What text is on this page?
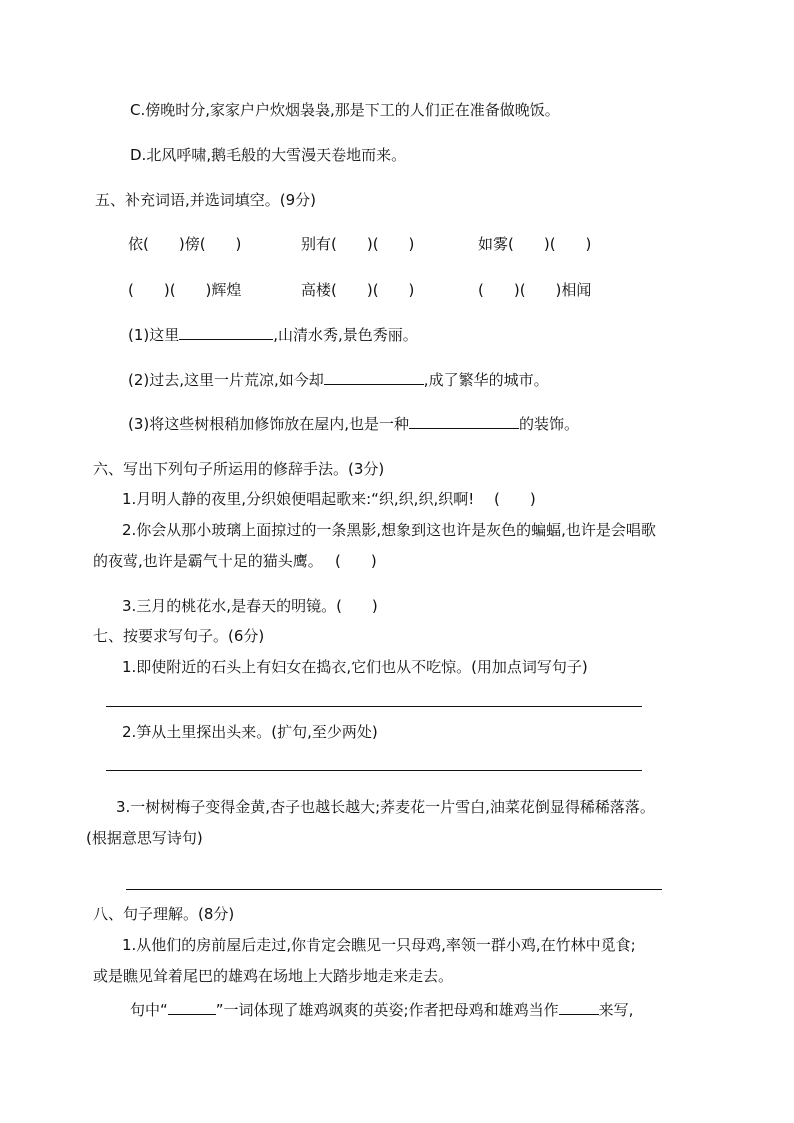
C.傍晚时分,家家户户炊烟袅袅,那是下工的人们正在准备做晚饭。
D.北风呼啸,鹅毛般的大雪漫天卷地而来。
五、补充词语,并选词填空。(9分)
依(　　)傍(　　)	别有(　　)(　　)	如雾(　　)(　　)
(　　)(　　)辉煌	高楼(　　)(　　)	(　　)(　　)相闻
(1)这里	,山清水秀,景色秀丽。
(2)过去,这里一片荒凉,如今却	,成了繁华的城市。
(3)将这些树根稍加修饰放在屋内,也是一种	的装饰。
六、写出下列句子所运用的修辞手法。(3分)
1.月明人静的夜里,分织娘便唱起歌来:“织,织,织,织啊!　 (　　)
2.你会从那小玻璃上面掠过的一条黑影,想象到这也许是灰色的蝙蝠,也许是会唱歌
的夜莺,也许是霸气十足的猫头鹰。　 (　　)
3.三月的桃花水,是春天的明镜。(　　)
七、按要求写句子。(6分)
1.即使附近的石头上有妇女在捣衣,它们也从不吃惊。(用加点词写句子)
2.笋从土里探出头来。(扩句,至少两处)
3.一树树梅子变得金黄,杏子也越长越大;荞麦花一片雪白,油菜花倒显得稀稀落落。
(根据意思写诗句)
八、句子理解。(8分)
1.从他们的房前屋后走过,你肯定会瞧见一只母鸡,率领一群小鸡,在竹林中觅食;
或是瞧见耸着尾巴的雄鸡在场地上大踏步地走来走去。
句中“	”一词体现了雄鸡飒爽的英姿;作者把母鸡和雄鸡当作	来写,
